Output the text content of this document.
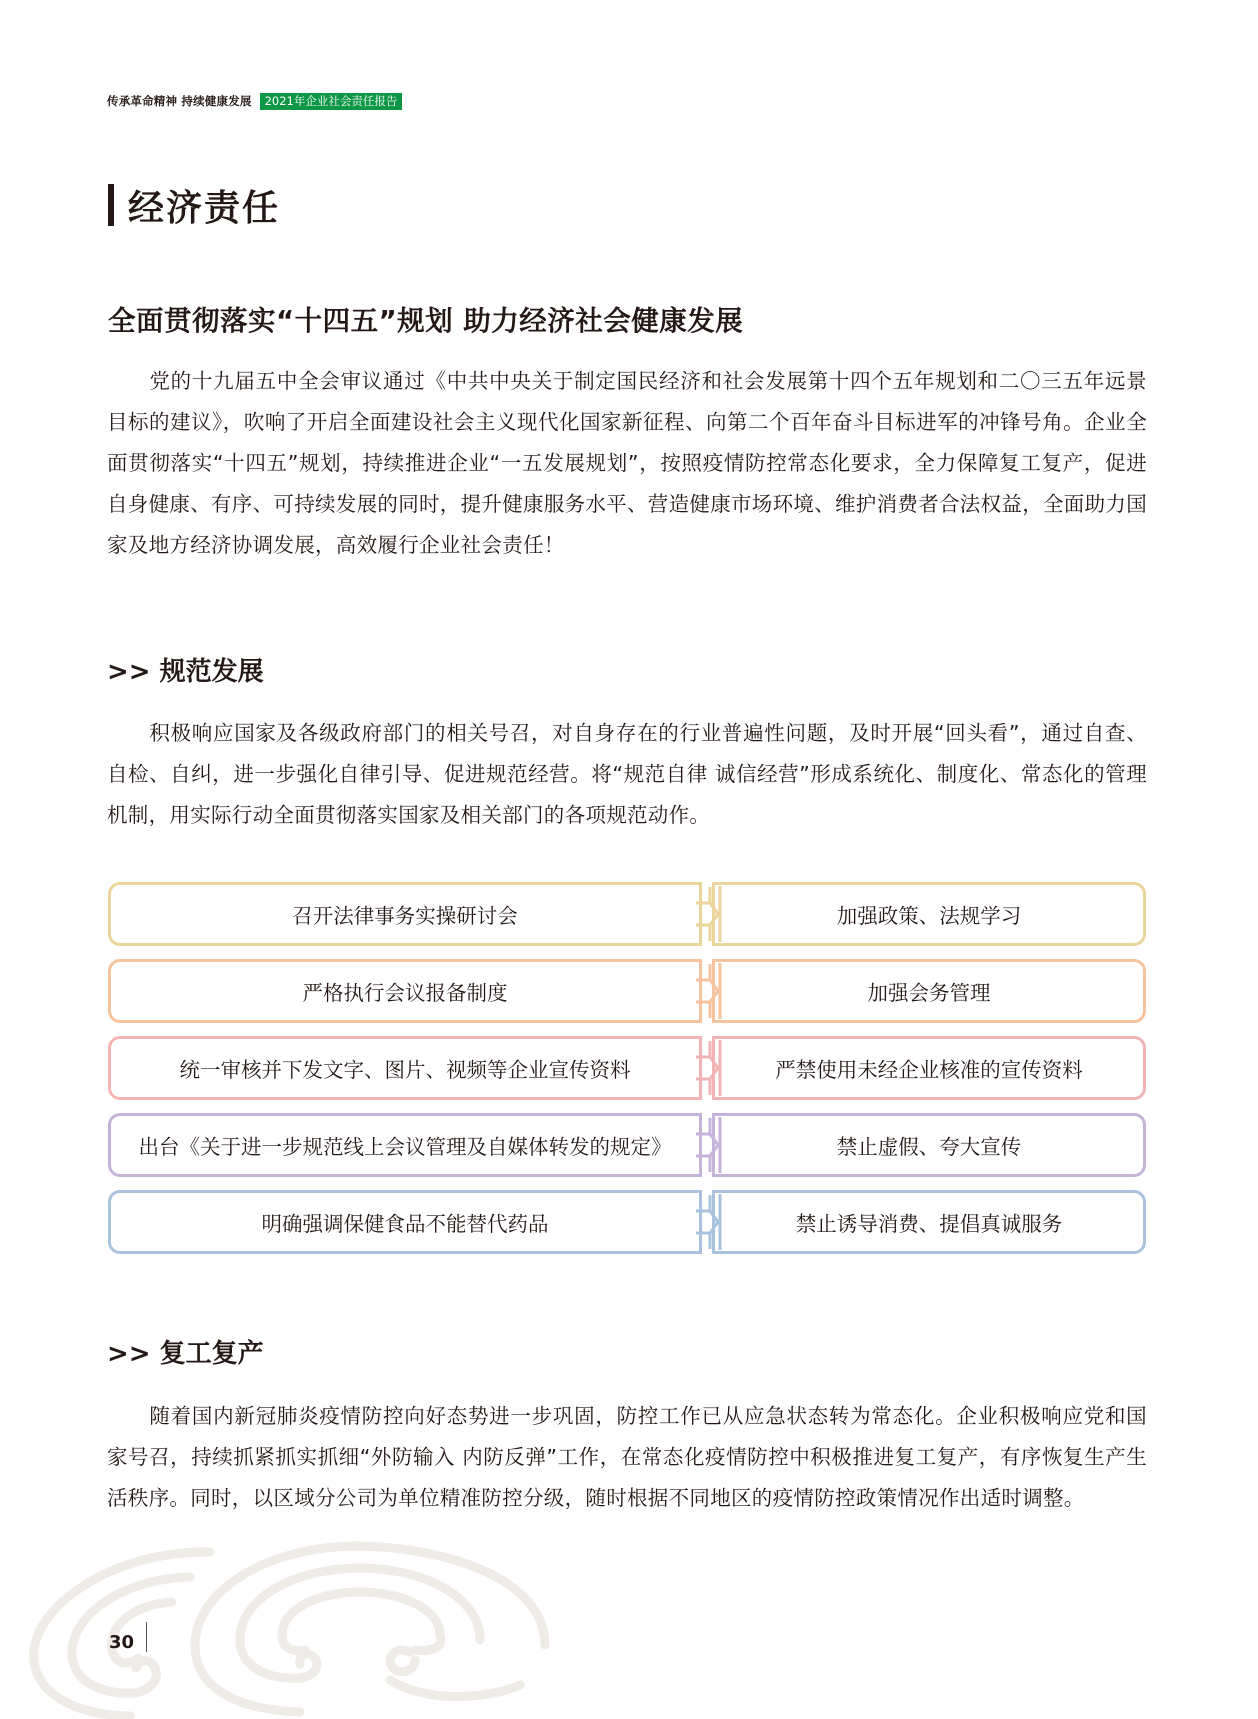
传承革命精神 持续健康发展	2021年企业社会责任报告
经济责任
全面贯彻落实“十四五”规划 助力经济社会健康发展
党的十九届五中全会审议通过《中共中央关于制定国民经济和社会发展第十四个五年规划和二〇三五年远景目标的建议》，吹响了开启全面建设社会主义现代化国家新征程、向第二个百年奋斗目标进军的冲锋号角。企业全面贯彻落实“十四五”规划，持续推进企业“一五发展规划”，按照疫情防控常态化要求，全力保障复工复产，促进自身健康、有序、可持续发展的同时，提升健康服务水平、营造健康市场环境、维护消费者合法权益，全面助力国家及地方经济协调发展，高效履行企业社会责任！
>> 规范发展
积极响应国家及各级政府部门的相关号召，对自身存在的行业普遍性问题，及时开展“回头看”，通过自查、自检、自纠，进一步强化自律引导、促进规范经营。将“规范自律 诚信经营”形成系统化、制度化、常态化的管理机制，用实际行动全面贯彻落实国家及相关部门的各项规范动作。
召开法律事务实操研讨会	加强政策、法规学习
严格执行会议报备制度	加强会务管理
统一审核并下发文字、图片、视频等企业宣传资料	严禁使用未经企业核准的宣传资料
出台《关于进一步规范线上会议管理及自媒体转发的规定》	禁止虚假、夸大宣传
明确强调保健食品不能替代药品	禁止诱导消费、提倡真诚服务
>> 复工复产
随着国内新冠肺炎疫情防控向好态势进一步巩固，防控工作已从应急状态转为常态化。企业积极响应党和国家号召，持续抓紧抓实抓细“外防输入 内防反弹”工作，在常态化疫情防控中积极推进复工复产，有序恢复生产生活秩序。同时，以区域分公司为单位精准防控分级，随时根据不同地区的疫情防控政策情况作出适时调整。
30
